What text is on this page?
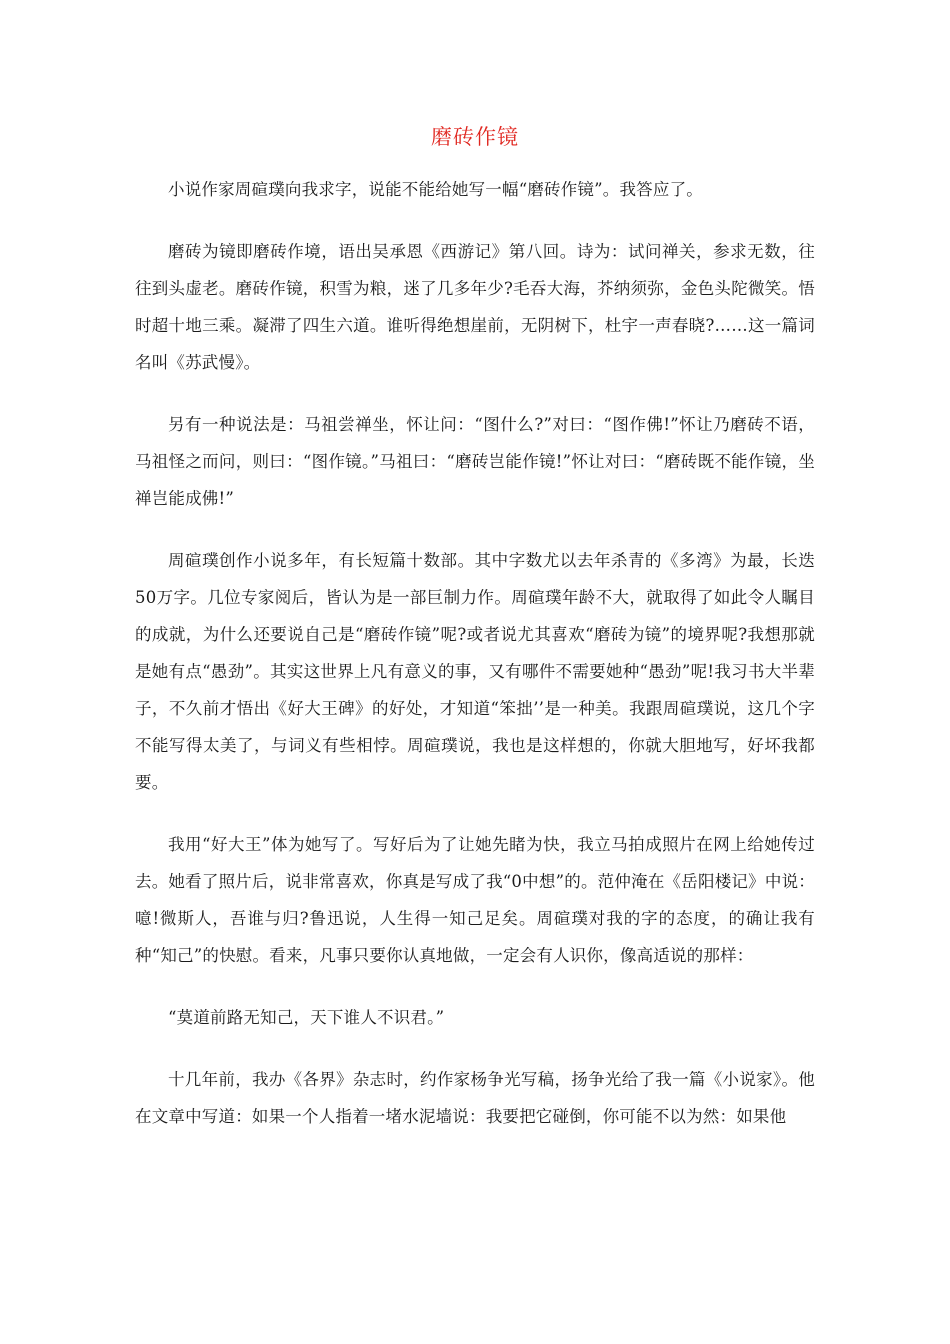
磨砖作镜

小说作家周碹璞向我求字，说能不能给她写一幅“磨砖作镜”。我答应了。

磨砖为镜即磨砖作境，语出吴承恩《西游记》第八回。诗为：试问禅关，参求无数，往往到头虚老。磨砖作镜，积雪为粮，迷了几多年少?毛吞大海，芥纳须弥，金色头陀微笑。悟时超十地三乘。凝滞了四生六道。谁听得绝想崖前，无阴树下，杜宇一声春晓?……这一篇词名叫《苏武慢》。

另有一种说法是：马祖尝禅坐，怀让问：“图什么?”对曰：“图作佛!”怀让乃磨砖不语，马祖怪之而问，则曰：“图作镜。”马祖曰：“磨砖岂能作镜!”怀让对曰：“磨砖既不能作镜，坐禅岂能成佛!”

周碹璞创作小说多年，有长短篇十数部。其中字数尤以去年杀青的《多湾》为最，长迭50万字。几位专家阅后，皆认为是一部巨制力作。周碹璞年龄不大，就取得了如此令人瞩目的成就，为什么还要说自己是“磨砖作镜”呢?或者说尤其喜欢“磨砖为镜”的境界呢?我想那就是她有点“愚劲”。其实这世界上凡有意义的事，又有哪件不需要她种“愚劲”呢!我习书大半辈子，不久前才悟出《好大王碑》的好处，才知道“笨拙’’是一种美。我跟周碹璞说，这几个字不能写得太美了，与词义有些相悖。周碹璞说，我也是这样想的，你就大胆地写，好坏我都要。

我用“好大王”体为她写了。写好后为了让她先睹为快，我立马拍成照片在网上给她传过去。她看了照片后，说非常喜欢，你真是写成了我“0中想”的。范仲淹在《岳阳楼记》中说：噫!微斯人，吾谁与归?鲁迅说，人生得一知己足矣。周碹璞对我的字的态度，的确让我有种“知己”的快慰。看来，凡事只要你认真地做，一定会有人识你，像高适说的那样：

“莫道前路无知己，天下谁人不识君。”

十几年前，我办《各界》杂志时，约作家杨争光写稿，扬争光给了我一篇《小说家》。他在文章中写道：如果一个人指着一堵水泥墙说：我要把它碰倒，你可能不以为然：如果他
